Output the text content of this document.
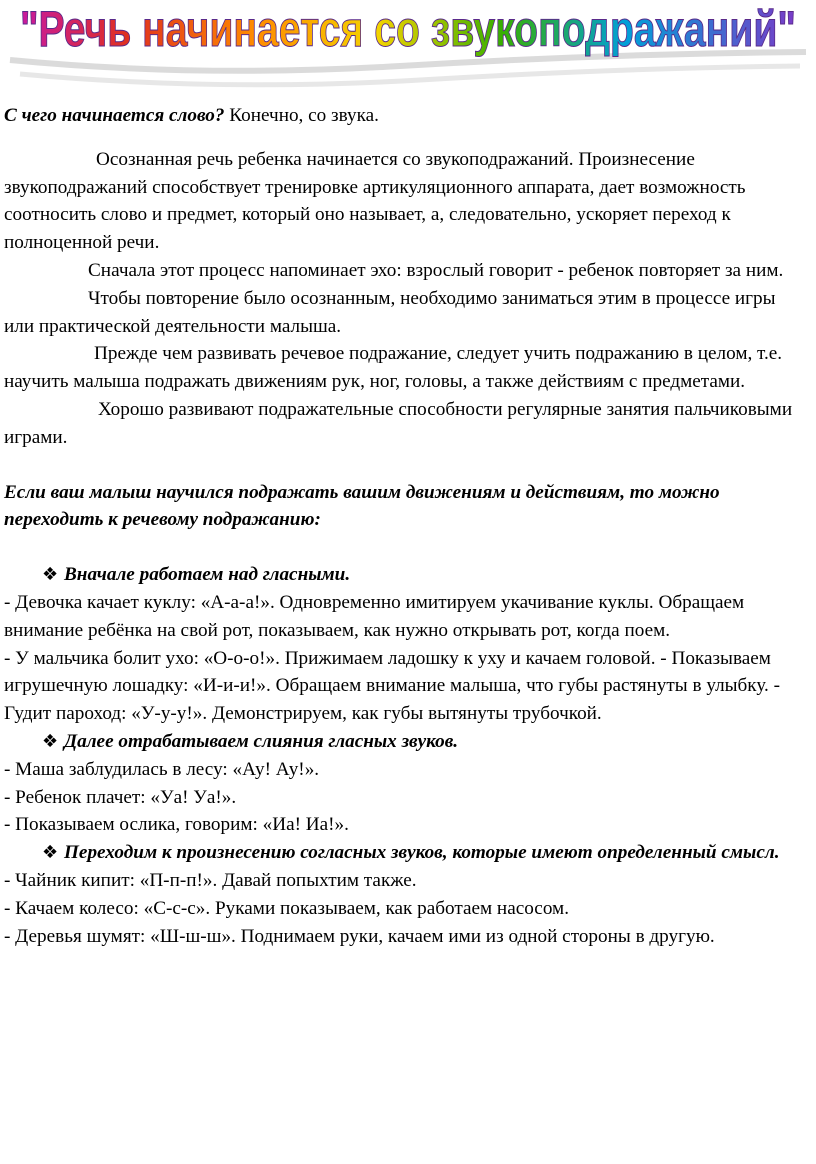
"Речь начинается со звукоподражаний"

С чего начинается слово? Конечно, со звука.

Осознанная речь ребенка начинается со звукоподражаний. Произнесение звукоподражаний способствует тренировке артикуляционного аппарата, дает возможность соотносить слово и предмет, который оно называет, а, следовательно, ускоряет переход к полноценной речи.

Сначала этот процесс напоминает эхо: взрослый говорит - ребенок повторяет за ним.

Чтобы повторение было осознанным, необходимо заниматься этим в процессе игры или практической деятельности малыша.

Прежде чем развивать речевое подражание, следует учить подражанию в целом, т.е. научить малыша подражать движениям рук, ног, головы, а также действиям с предметами.

Хорошо развивают подражательные способности регулярные занятия пальчиковыми играми.

Если ваш малыш научился подражать вашим движениям и действиям, то можно переходить к речевому подражанию:

❖ Вначале работаем над гласными.

- Девочка качает куклу: «А-а-а!». Одновременно имитируем укачивание куклы. Обращаем внимание ребёнка на свой рот, показываем, как нужно открывать рот, когда поем.

- У мальчика болит ухо: «О-о-о!». Прижимаем ладошку к уху и качаем головой. - Показываем игрушечную лошадку: «И-и-и!». Обращаем внимание малыша, что губы растянуты в улыбку. - Гудит пароход: «У-у-у!». Демонстрируем, как губы вытянуты трубочкой.

❖ Далее отрабатываем слияния гласных звуков.

- Маша заблудилась в лесу: «Ау! Ау!».

- Ребенок плачет: «Уа! Уа!».

- Показываем ослика, говорим: «Иа! Иа!».

❖ Переходим к произнесению согласных звуков, которые имеют определенный смысл.

- Чайник кипит: «П-п-п!». Давай попыхтим также.

- Качаем колесо: «С-с-с». Руками показываем, как работаем насосом.

- Деревья шумят: «Ш-ш-ш». Поднимаем руки, качаем ими из одной стороны в другую.
